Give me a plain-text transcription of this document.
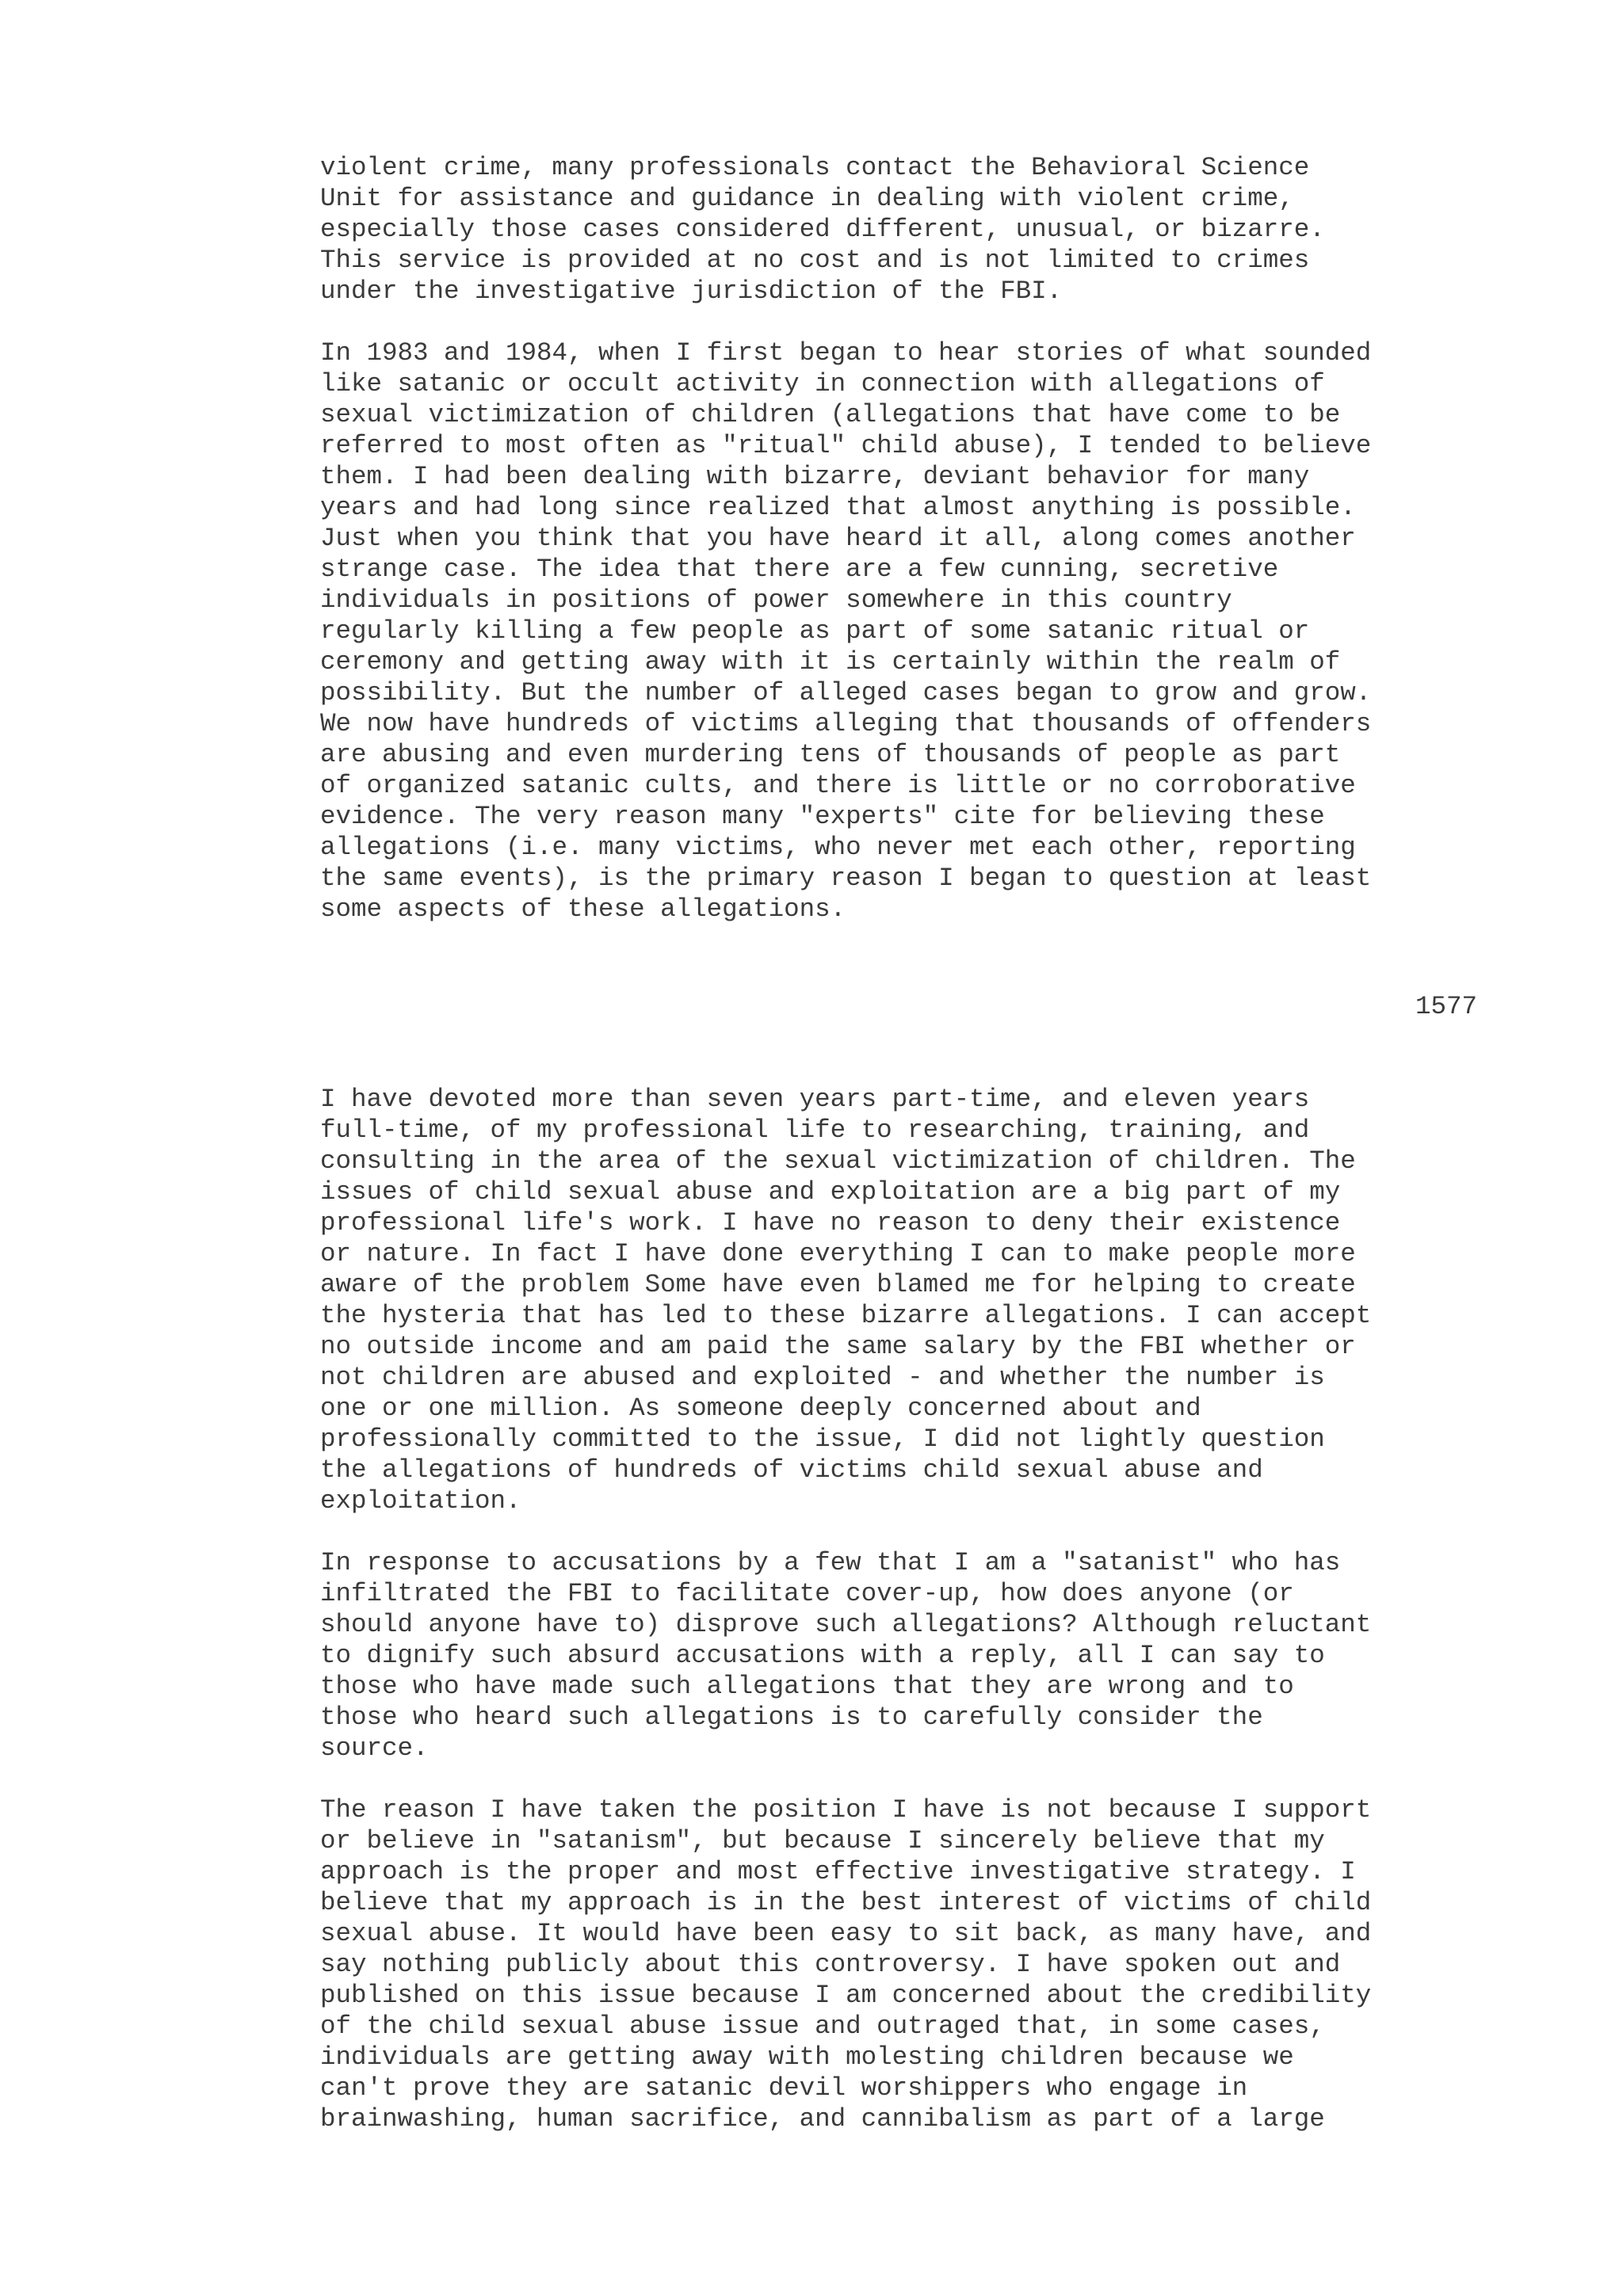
violent crime, many professionals contact the Behavioral Science
Unit for assistance and guidance in dealing with violent crime,
especially those cases considered different, unusual, or bizarre.
This service is provided at no cost and is not limited to crimes
under the investigative jurisdiction of the FBI.

In 1983 and 1984, when I first began to hear stories of what sounded
like satanic or occult activity in connection with allegations of
sexual victimization of children (allegations that have come to be
referred to most often as "ritual" child abuse), I tended to believe
them. I had been dealing with bizarre, deviant behavior for many
years and had long since realized that almost anything is possible.
Just when you think that you have heard it all, along comes another
strange case. The idea that there are a few cunning, secretive
individuals in positions of power somewhere in this country
regularly killing a few people as part of some satanic ritual or
ceremony and getting away with it is certainly within the realm of
possibility. But the number of alleged cases began to grow and grow.
We now have hundreds of victims alleging that thousands of offenders
are abusing and even murdering tens of thousands of people as part
of organized satanic cults, and there is little or no corroborative
evidence. The very reason many "experts" cite for believing these
allegations (i.e. many victims, who never met each other, reporting
the same events), is the primary reason I began to question at least
some aspects of these allegations.

1577

I have devoted more than seven years part-time, and eleven years
full-time, of my professional life to researching, training, and
consulting in the area of the sexual victimization of children. The
issues of child sexual abuse and exploitation are a big part of my
professional life's work. I have no reason to deny their existence
or nature. In fact I have done everything I can to make people more
aware of the problem Some have even blamed me for helping to create
the hysteria that has led to these bizarre allegations. I can accept
no outside income and am paid the same salary by the FBI whether or
not children are abused and exploited - and whether the number is
one or one million. As someone deeply concerned about and
professionally committed to the issue, I did not lightly question
the allegations of hundreds of victims child sexual abuse and
exploitation.

In response to accusations by a few that I am a "satanist" who has
infiltrated the FBI to facilitate cover-up, how does anyone (or
should anyone have to) disprove such allegations? Although reluctant
to dignify such absurd accusations with a reply, all I can say to
those who have made such allegations that they are wrong and to
those who heard such allegations is to carefully consider the
source.

The reason I have taken the position I have is not because I support
or believe in "satanism", but because I sincerely believe that my
approach is the proper and most effective investigative strategy. I
believe that my approach is in the best interest of victims of child
sexual abuse. It would have been easy to sit back, as many have, and
say nothing publicly about this controversy. I have spoken out and
published on this issue because I am concerned about the credibility
of the child sexual abuse issue and outraged that, in some cases,
individuals are getting away with molesting children because we
can't prove they are satanic devil worshippers who engage in
brainwashing, human sacrifice, and cannibalism as part of a large
